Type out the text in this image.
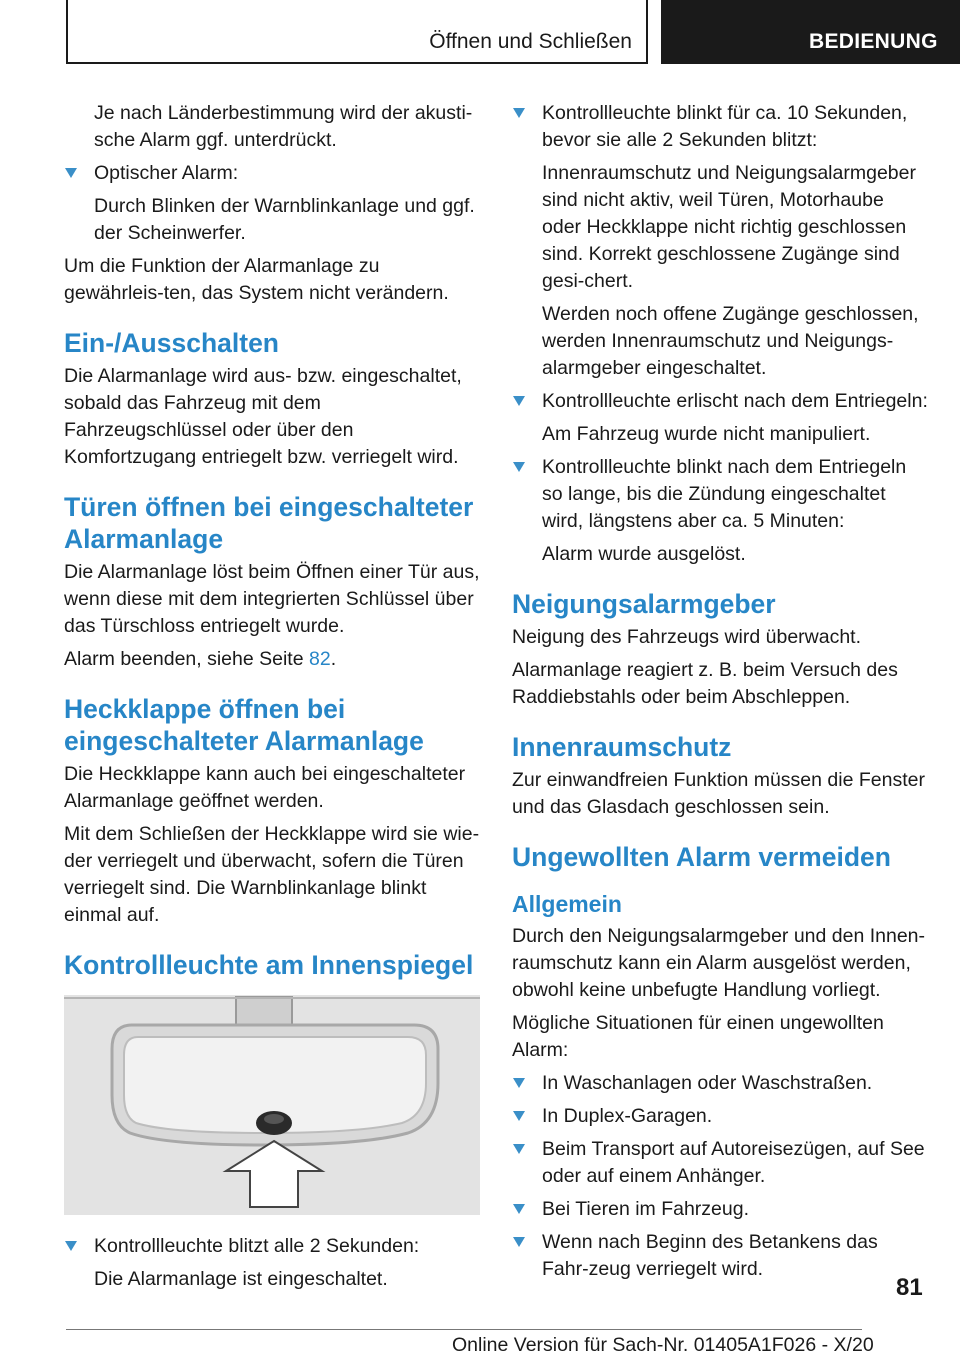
Öffnen und Schließen	BEDIENUNG

Je nach Länderbestimmung wird der akusti‐sche Alarm ggf. unterdrückt.

Optischer Alarm:

Durch Blinken der Warnblinkanlage und ggf. der Scheinwerfer.

Um die Funktion der Alarmanlage zu gewährleis‐ten, das System nicht verändern.

Ein-/Ausschalten

Die Alarmanlage wird aus- bzw. eingeschaltet, sobald das Fahrzeug mit dem Fahrzeugschlüssel oder über den Komfortzugang entriegelt bzw. verriegelt wird.

Türen öffnen bei eingeschalteter Alarmanlage

Die Alarmanlage löst beim Öffnen einer Tür aus, wenn diese mit dem integrierten Schlüssel über das Türschloss entriegelt wurde.

Alarm beenden, siehe Seite 82.

Heckklappe öffnen bei eingeschalteter Alarmanlage

Die Heckklappe kann auch bei eingeschalteter Alarmanlage geöffnet werden.

Mit dem Schließen der Heckklappe wird sie wie‐der verriegelt und überwacht, sofern die Türen verriegelt sind. Die Warnblinkanlage blinkt einmal auf.

Kontrollleuchte am Innenspiegel
Kontrollleuchte blitzt alle 2 Sekunden:

Die Alarmanlage ist eingeschaltet.

Kontrollleuchte blinkt für ca. 10 Sekunden, bevor sie alle 2 Sekunden blitzt:

Innenraumschutz und Neigungsalarmgeber sind nicht aktiv, weil Türen, Motorhaube oder Heckklappe nicht richtig geschlossen sind. Korrekt geschlossene Zugänge sind gesi‐chert.

Werden noch offene Zugänge geschlossen, werden Innenraumschutz und Neigungs‐alarmgeber eingeschaltet.

Kontrollleuchte erlischt nach dem Entriegeln:

Am Fahrzeug wurde nicht manipuliert.

Kontrollleuchte blinkt nach dem Entriegeln so lange, bis die Zündung eingeschaltet wird, längstens aber ca. 5 Minuten:

Alarm wurde ausgelöst.

Neigungsalarmgeber

Neigung des Fahrzeugs wird überwacht.

Alarmanlage reagiert z. B. beim Versuch des Raddiebstahls oder beim Abschleppen.

Innenraumschutz

Zur einwandfreien Funktion müssen die Fenster und das Glasdach geschlossen sein.

Ungewollten Alarm vermeiden
Allgemein

Durch den Neigungsalarmgeber und den Innen‐raumschutz kann ein Alarm ausgelöst werden, obwohl keine unbefugte Handlung vorliegt.

Mögliche Situationen für einen ungewollten Alarm:

In Waschanlagen oder Waschstraßen.
In Duplex-Garagen.
Beim Transport auf Autoreisezügen, auf See oder auf einem Anhänger.
Bei Tieren im Fahrzeug.
Wenn nach Beginn des Betankens das Fahr‐zeug verriegelt wird.
81
Online Version für Sach-Nr. 01405A1F026 - X/20
